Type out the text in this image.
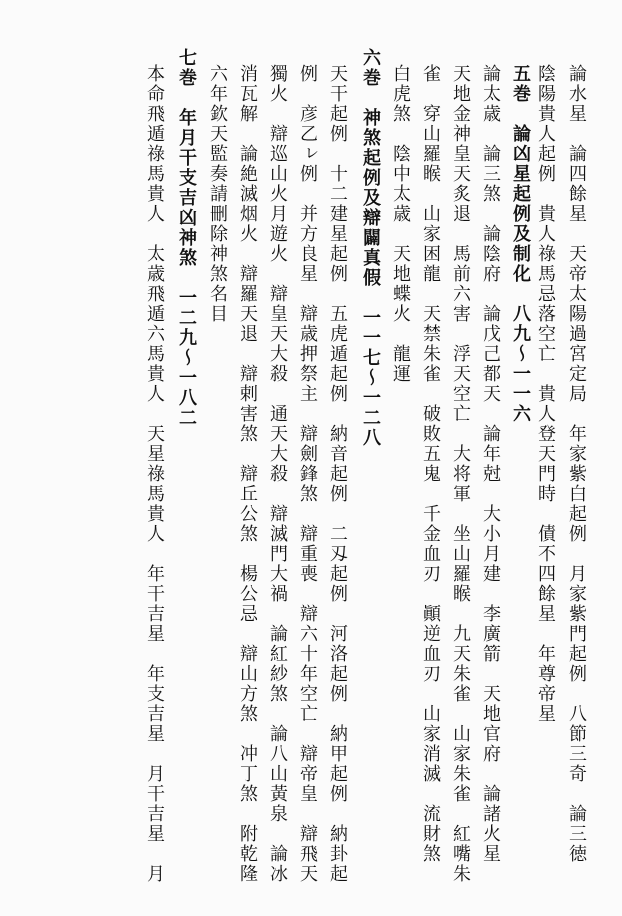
論水星　論四餘星　天帝太陽過宮定局　年家紫白起例　月家紫門起例　八節三奇　論三徳
陰陽貴人起例　貴人祿馬忌落空亡　貴人登天門時　債不四餘星　年尊帝星
五巻　論凶星起例及制化　八九〜一一六
論太歳　論三煞　論陰府　論戊己都天　論年尅　大小月建　李廣箭　天地官府　論諸火星
天地金神皇天炙退　馬前六害　浮天空亡　大将軍　坐山羅睺　九天朱雀　山家朱雀　紅嘴朱
雀　穿山羅睺　山家困龍　天禁朱雀　破敗五鬼　千金血刃　顚逆血刃　山家消滅　流財煞
白虎煞　陰中太歳　天地蝶火　龍運
六巻　神煞起例及辯闢真假　一一七〜一二八
天干起例　十二建星起例　五虎遁起例　納音起例　二刄起例　河洛起例　納甲起例　納卦起
例　彦乙ㇾ例　并方良星　辯歳押祭主　辯劍鋒煞　辯重喪　辯六十年空亡　辯帝皇　辯飛天
獨火　辯巡山火月遊火　辯皇天大殺　通天大殺　辯滅門大禍　論紅紗煞　論八山黃泉　論冰
消瓦解　論絶滅烟火　辯羅天退　辯剌害煞　辯丘公煞　楊公忌　辯山方煞　冲丁煞　附乾隆
六年欽天監奏請刪除神煞名目
七巻　年月干支吉凶神煞　一二九〜一八二
本命飛遁祿馬貴人　太歳飛遁六馬貴人　天星祿馬貴人　年干吉星　年支吉星　月干吉星　月
